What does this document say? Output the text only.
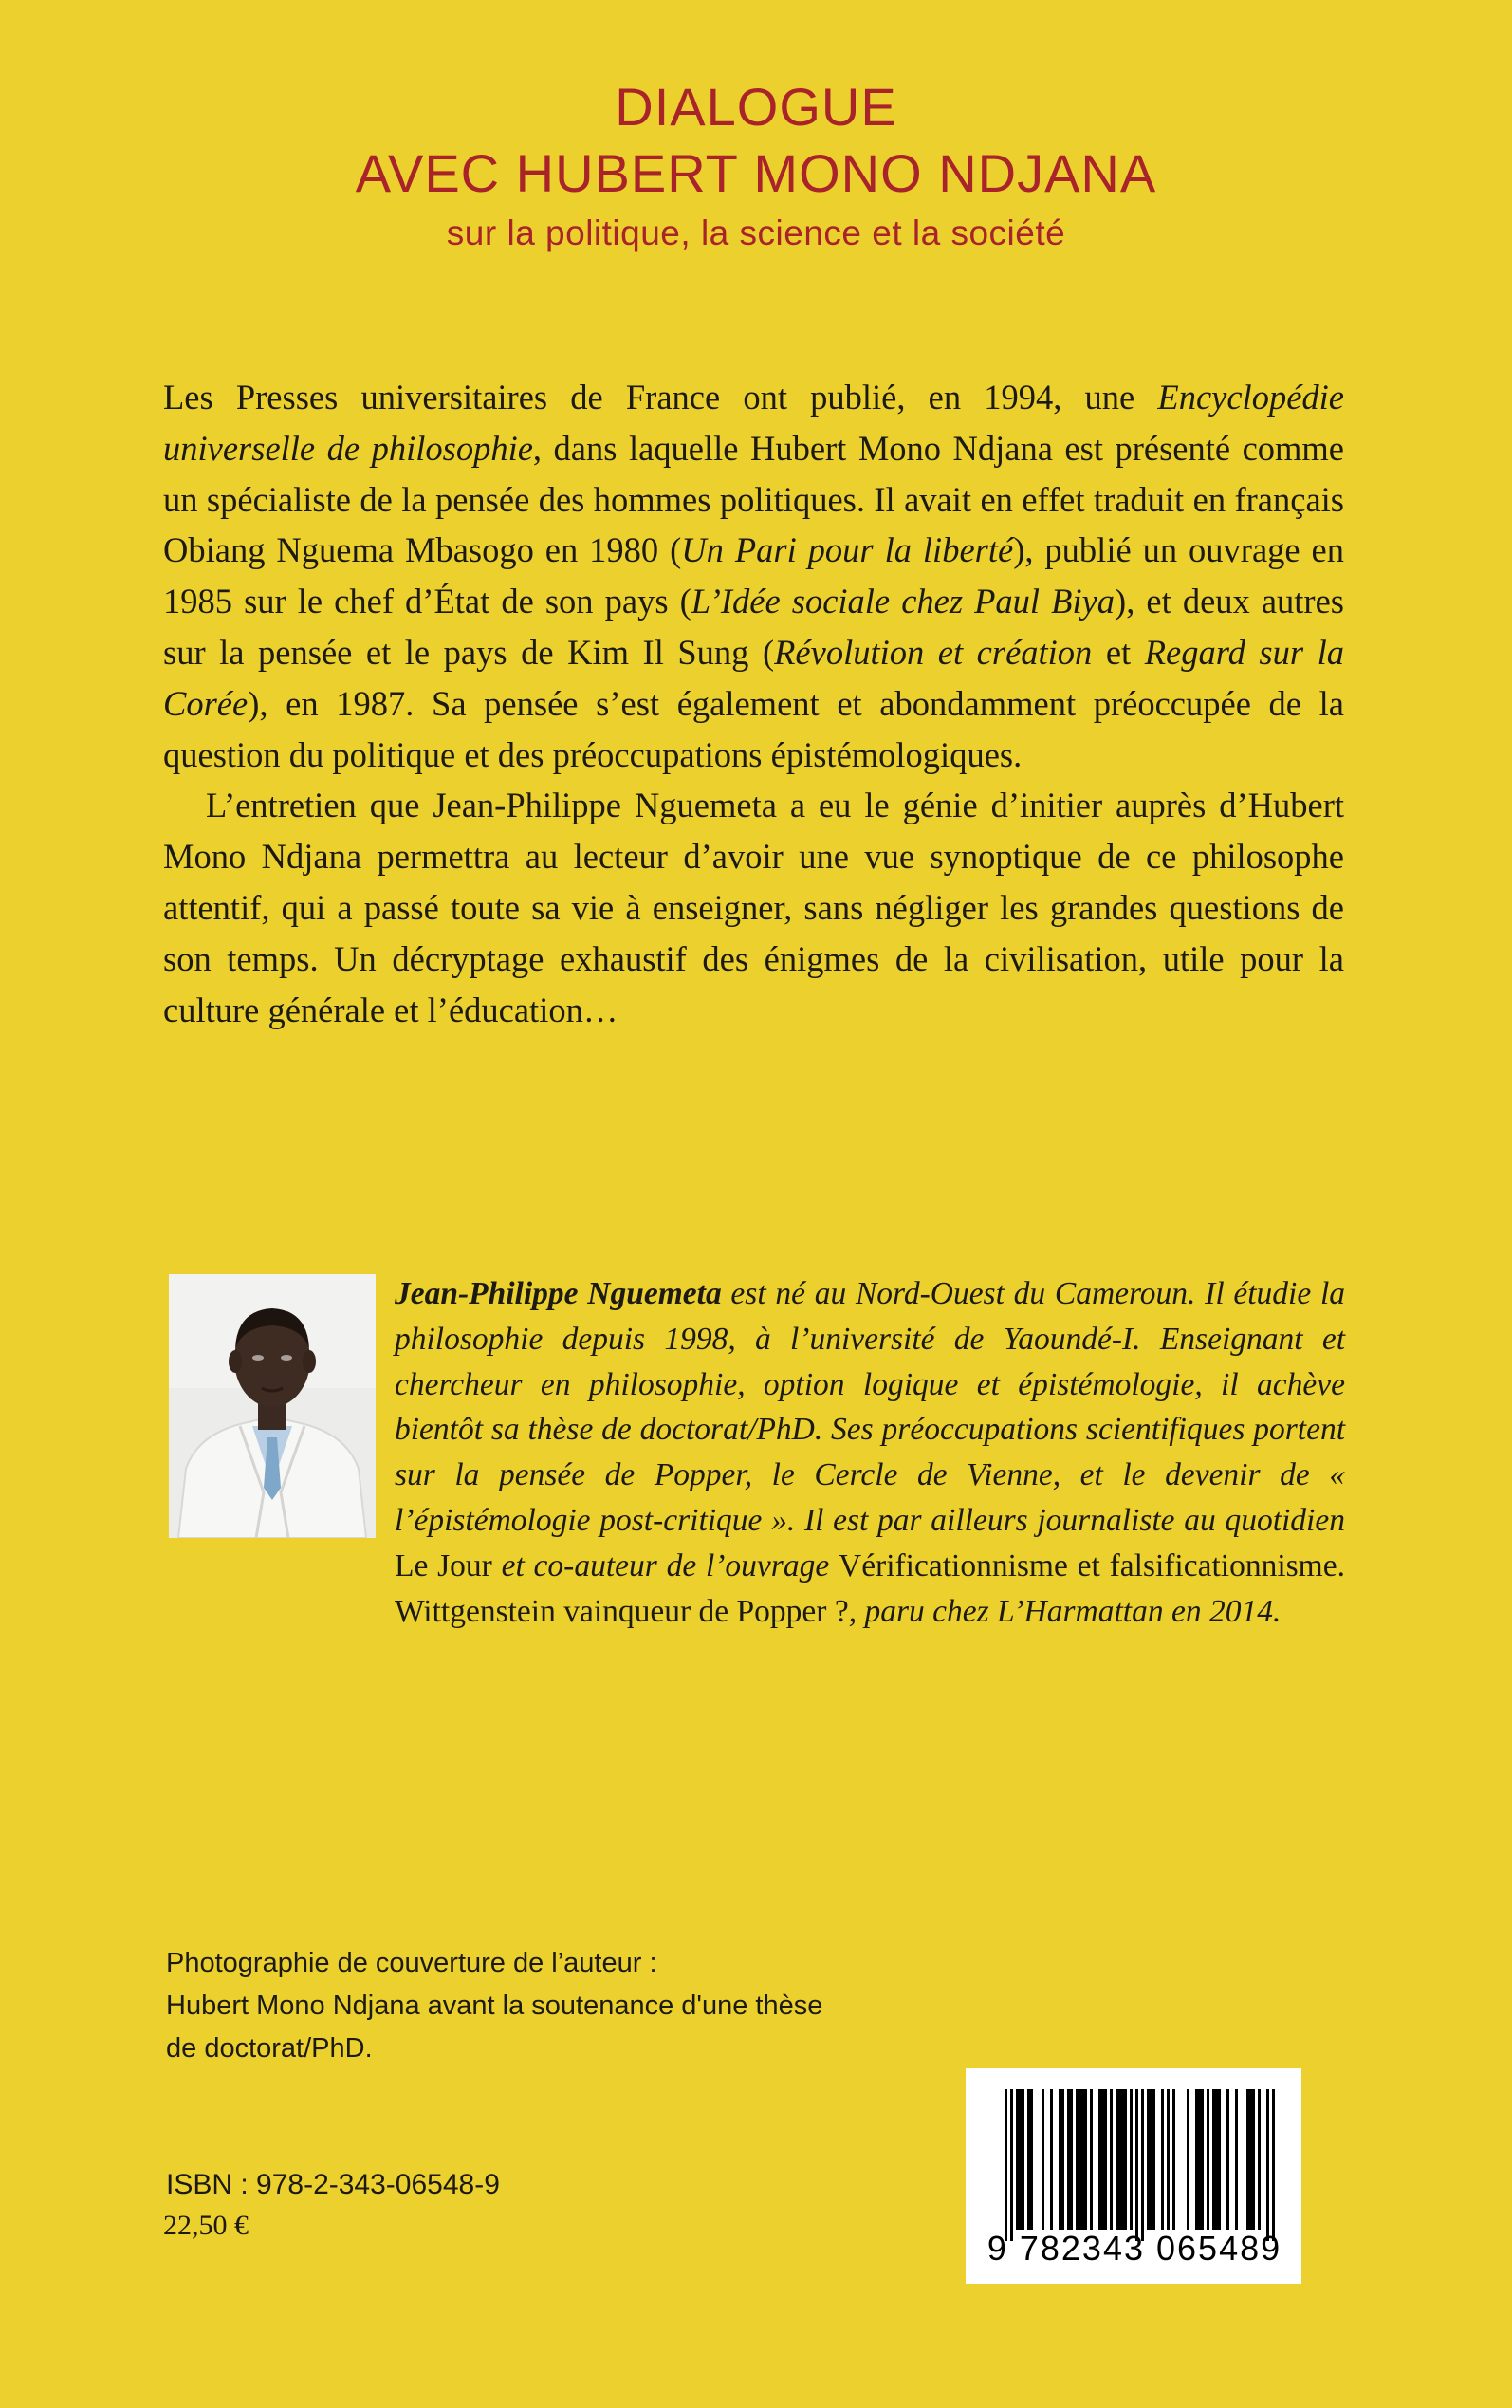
DIALOGUE
AVEC HUBERT MONO NDJANA
sur la politique, la science et la société

Les Presses universitaires de France ont publié, en 1994, une Encyclopédie universelle de philosophie, dans laquelle Hubert Mono Ndjana est présenté comme un spécialiste de la pensée des hommes politiques. Il avait en effet traduit en français Obiang Nguema Mbasogo en 1980 (Un Pari pour la liberté), publié un ouvrage en 1985 sur le chef d’État de son pays (L’Idée sociale chez Paul Biya), et deux autres sur la pensée et le pays de Kim Il Sung (Révolution et création et Regard sur la Corée), en 1987. Sa pensée s’est également et abondamment préoccupée de la question du politique et des préoccupations épistémologiques.

L’entretien que Jean-Philippe Nguemeta a eu le génie d’initier auprès d’Hubert Mono Ndjana permettra au lecteur d’avoir une vue synoptique de ce philosophe attentif, qui a passé toute sa vie à enseigner, sans négliger les grandes questions de son temps. Un décryptage exhaustif des énigmes de la civilisation, utile pour la culture générale et l’éducation…

Jean-Philippe Nguemeta est né au Nord-Ouest du Cameroun. Il étudie la philosophie depuis 1998, à l’université de Yaoundé-I. Enseignant et chercheur en philosophie, option logique et épistémologie, il achève bientôt sa thèse de doctorat/PhD. Ses préoccupations scientifiques portent sur la pensée de Popper, le Cercle de Vienne, et le devenir de « l’épistémologie post-critique ». Il est par ailleurs journaliste au quotidien Le Jour et co-auteur de l’ouvrage Vérificationnisme et falsificationnisme. Wittgenstein vainqueur de Popper ?, paru chez L’Harmattan en 2014.

Photographie de couverture de l’auteur :
Hubert Mono Ndjana avant la soutenance d'une thèse
de doctorat/PhD.
ISBN : 978-2-343-06548-9
22,50 €
9 782343 065489
